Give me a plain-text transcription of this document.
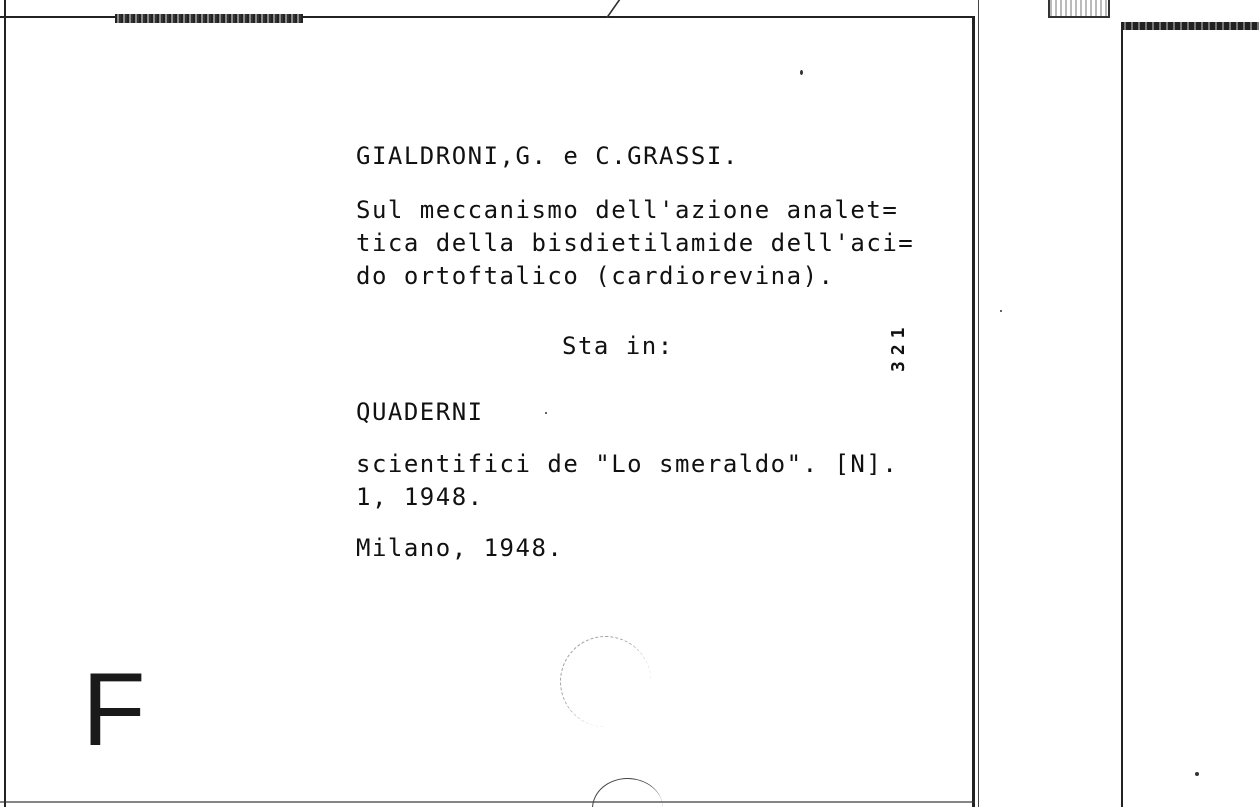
GIALDRONI,G. e C.GRASSI.
Sul meccanismo dell'azione analet=
tica della bisdietilamide dell'aci=
do ortoftalico (cardiorevina).
Sta in:	321
QUADERNI
scientifici de "Lo smeraldo". [N].
1, 1948.
Milano, 1948.
F
